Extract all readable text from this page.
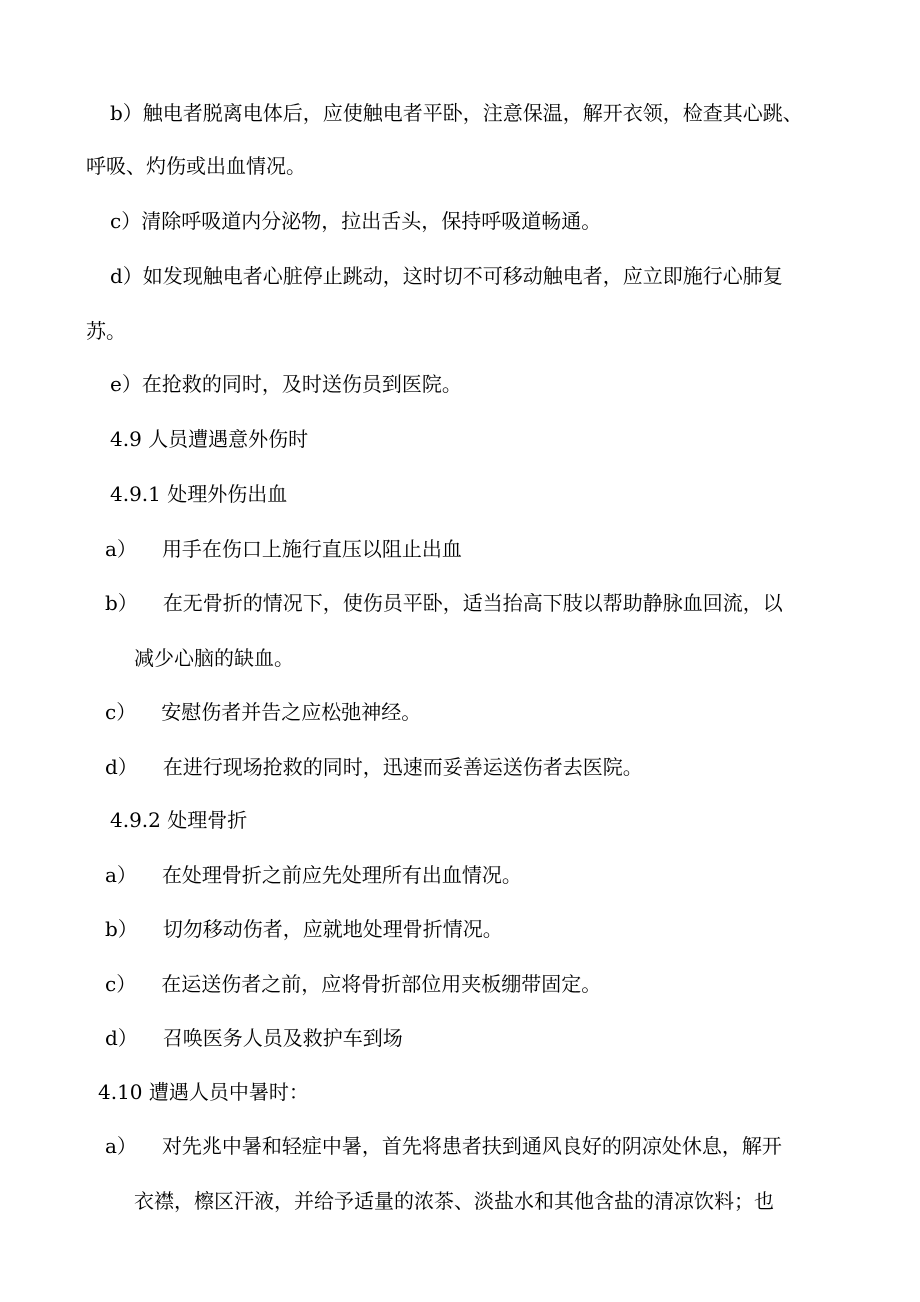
b）触电者脱离电体后，应使触电者平卧，注意保温，解开衣领，检查其心跳、
呼吸、灼伤或出血情况。
c）清除呼吸道内分泌物，拉出舌头，保持呼吸道畅通。
d）如发现触电者心脏停止跳动，这时切不可移动触电者，应立即施行心肺复
苏。
e）在抢救的同时，及时送伤员到医院。
4.9 人员遭遇意外伤时
4.9.1 处理外伤出血
a） 用手在伤口上施行直压以阻止出血
b） 在无骨折的情况下，使伤员平卧，适当抬高下肢以帮助静脉血回流，以
减少心脑的缺血。
c） 安慰伤者并告之应松弛神经。
d） 在进行现场抢救的同时，迅速而妥善运送伤者去医院。
4.9.2 处理骨折
a） 在处理骨折之前应先处理所有出血情况。
b） 切勿移动伤者，应就地处理骨折情况。
c） 在运送伤者之前，应将骨折部位用夹板绷带固定。
d） 召唤医务人员及救护车到场
4.10 遭遇人员中暑时：
a） 对先兆中暑和轻症中暑，首先将患者扶到通风良好的阴凉处休息，解开
衣襟，檫区汗液，并给予适量的浓茶、淡盐水和其他含盐的清凉饮料；也
